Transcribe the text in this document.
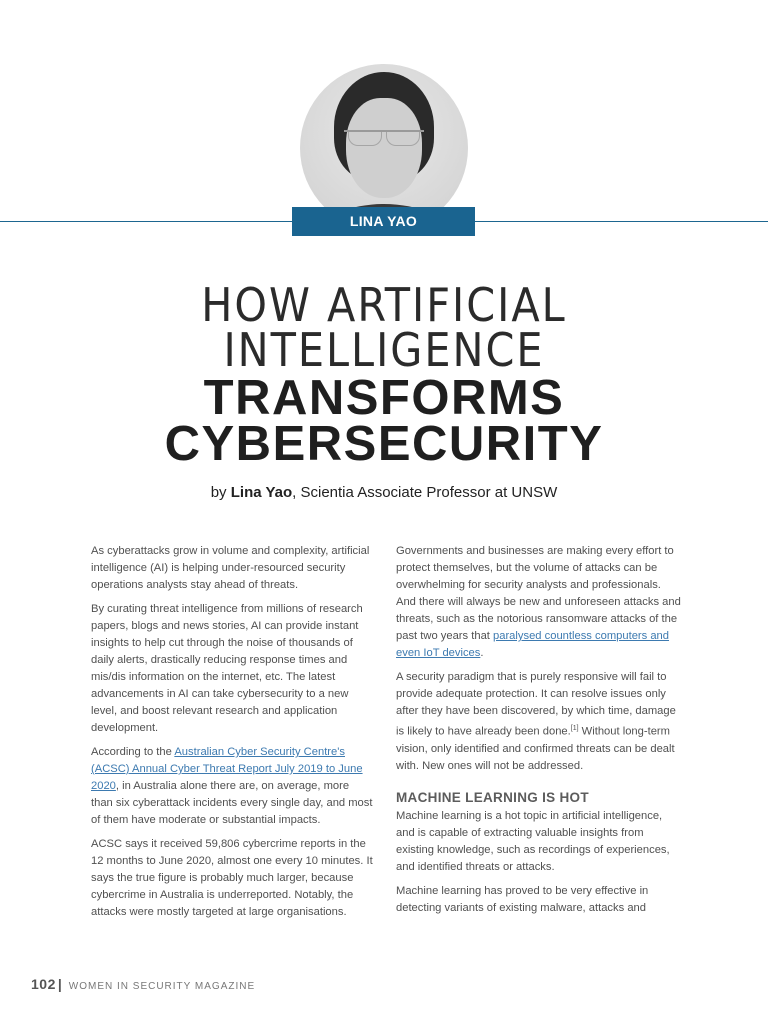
LINA YAO
HOW ARTIFICIAL
INTELLIGENCE
TRANSFORMS
CYBERSECURITY
by Lina Yao, Scientia Associate Professor at UNSW

As cyberattacks grow in volume and complexity, artificial intelligence (AI) is helping under-resourced security operations analysts stay ahead of threats.

By curating threat intelligence from millions of research papers, blogs and news stories, AI can provide instant insights to help cut through the noise of thousands of daily alerts, drastically reducing response times and mis/dis information on the internet, etc. The latest advancements in AI can take cybersecurity to a new level, and boost relevant research and application development.

According to the Australian Cyber Security Centre's (ACSC) Annual Cyber Threat Report July 2019 to June 2020, in Australia alone there are, on average, more than six cyberattack incidents every single day, and most of them have moderate or substantial impacts.

ACSC says it received 59,806 cybercrime reports in the 12 months to June 2020, almost one every 10 minutes. It says the true figure is probably much larger, because cybercrime in Australia is underreported. Notably, the attacks were mostly targeted at large organisations.

Governments and businesses are making every effort to protect themselves, but the volume of attacks can be overwhelming for security analysts and professionals. And there will always be new and unforeseen attacks and threats, such as the notorious ransomware attacks of the past two years that paralysed countless computers and even IoT devices.

A security paradigm that is purely responsive will fail to provide adequate protection. It can resolve issues only after they have been discovered, by which time, damage is likely to have already been done.[1] Without long-term vision, only identified and confirmed threats can be dealt with. New ones will not be addressed.

MACHINE LEARNING IS HOT

Machine learning is a hot topic in artificial intelligence, and is capable of extracting valuable insights from existing knowledge, such as recordings of experiences, and identified threats or attacks.

Machine learning has proved to be very effective in detecting variants of existing malware, attacks and

102 | WOMEN IN SECURITY MAGAZINE
